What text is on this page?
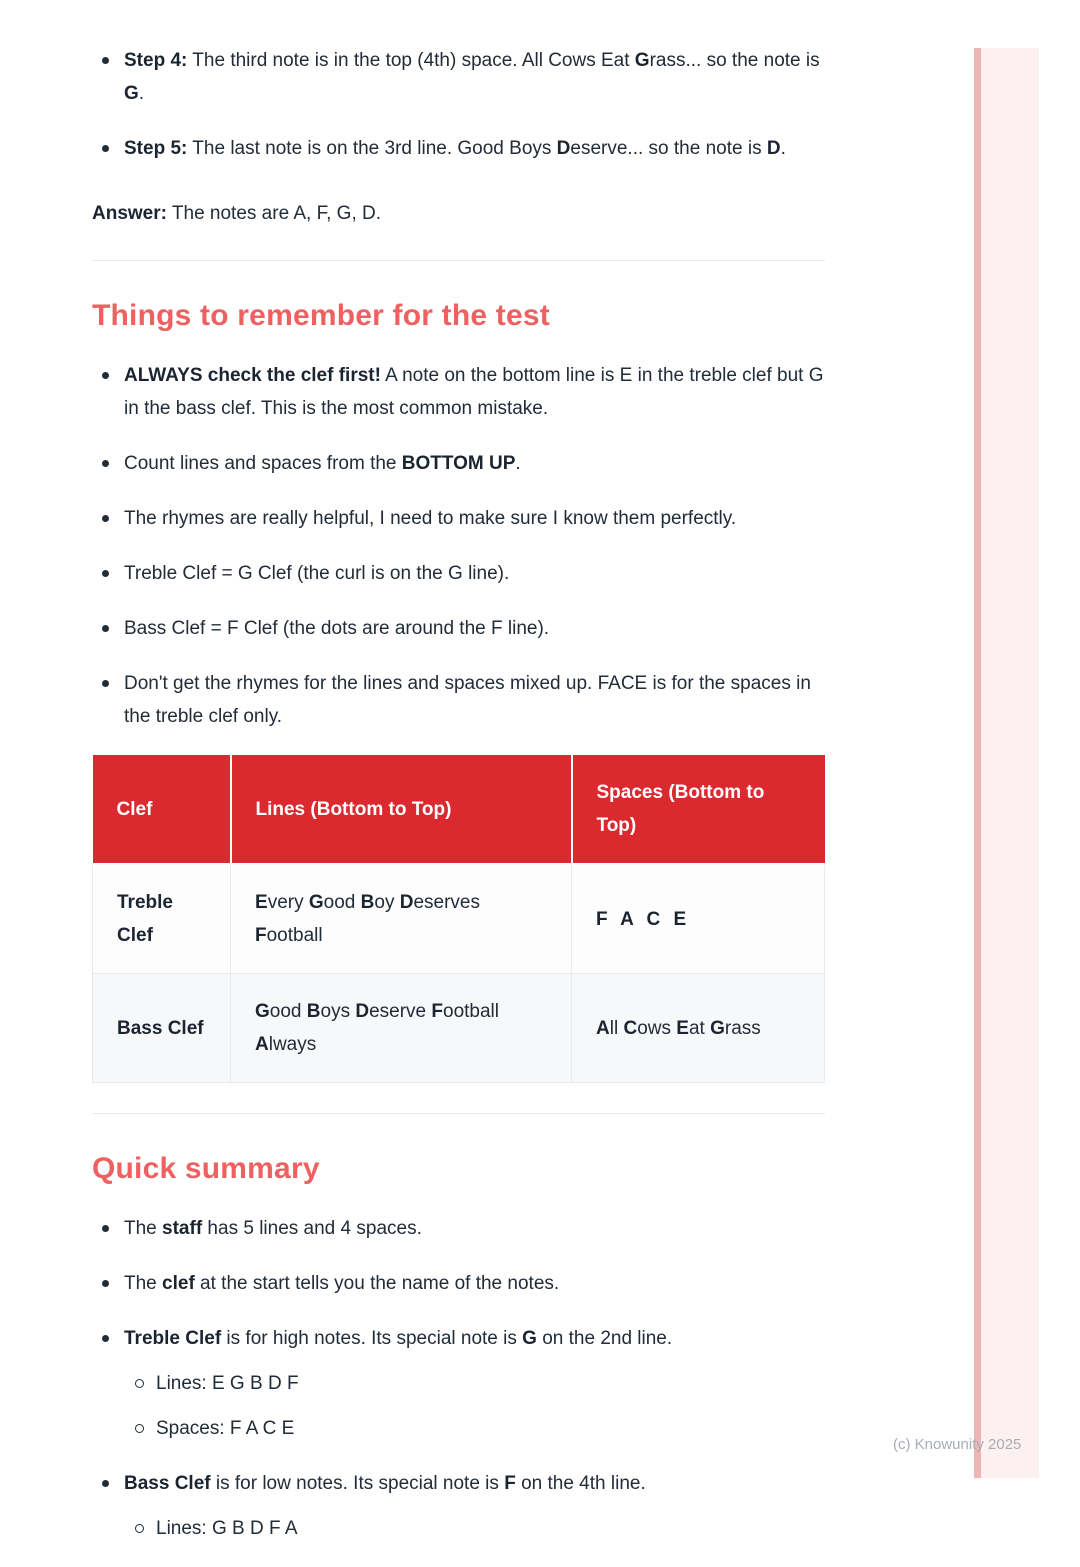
Step 4: The third note is in the top (4th) space. All Cows Eat Grass... so the note is G.
Step 5: The last note is on the 3rd line. Good Boys Deserve... so the note is D.

Answer: The notes are A, F, G, D.

Things to remember for the test
ALWAYS check the clef first! A note on the bottom line is E in the treble clef but G in the bass clef. This is the most common mistake.
Count lines and spaces from the BOTTOM UP.
The rhymes are really helpful, I need to make sure I know them perfectly.
Treble Clef = G Clef (the curl is on the G line).
Bass Clef = F Clef (the dots are around the F line).
Don't get the rhymes for the lines and spaces mixed up. FACE is for the spaces in the treble clef only.
Clef	Lines (Bottom to Top)	Spaces (Bottom to Top)
Treble Clef	Every Good Boy Deserves Football	F A C E
Bass Clef	Good Boys Deserve Football Always	All Cows Eat Grass
Quick summary
The staff has 5 lines and 4 spaces.
The clef at the start tells you the name of the notes.
Treble Clef is for high notes. Its special note is G on the 2nd line.
Lines: E G B D F
Spaces: F A C E
Bass Clef is for low notes. Its special note is F on the 4th line.
Lines: G B D F A
(c) Knowunity 2025
